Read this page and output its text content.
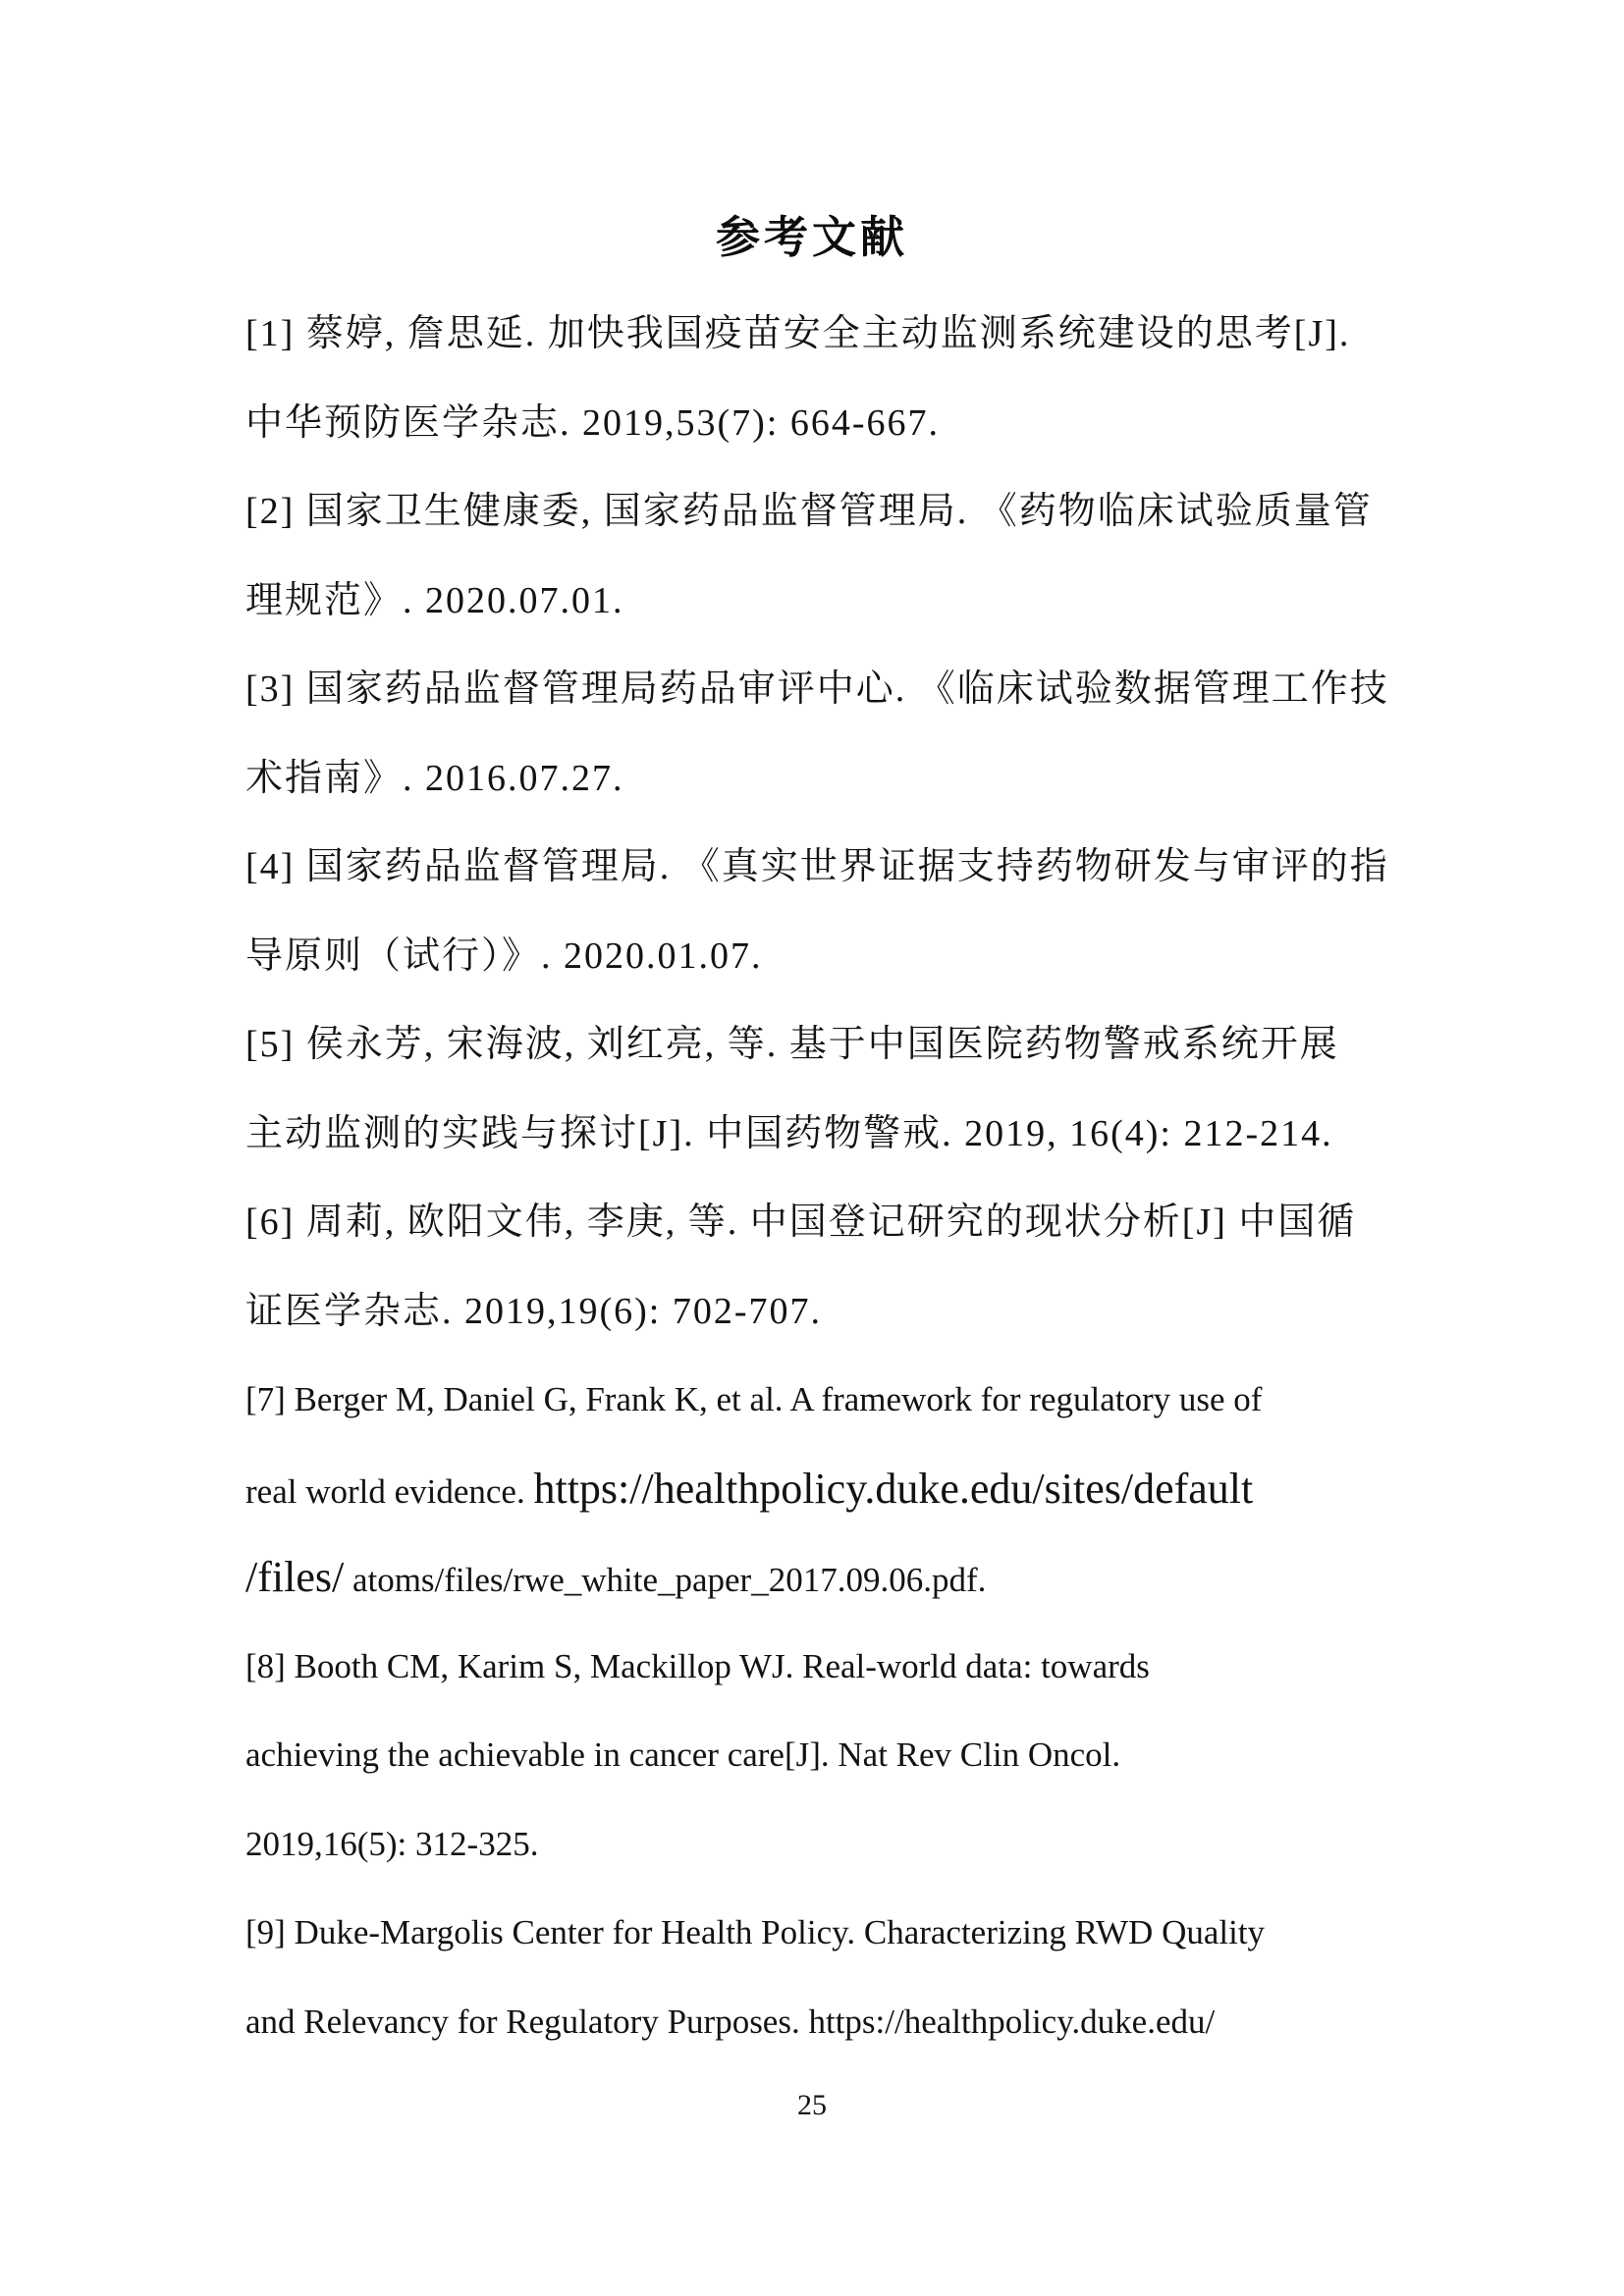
参考文献
[1] 蔡婷, 詹思延. 加快我国疫苗安全主动监测系统建设的思考[J].
中华预防医学杂志. 2019,53(7): 664-667.
[2] 国家卫生健康委, 国家药品监督管理局. 《药物临床试验质量管
理规范》. 2020.07.01.
[3] 国家药品监督管理局药品审评中心. 《临床试验数据管理工作技
术指南》. 2016.07.27.
[4] 国家药品监督管理局. 《真实世界证据支持药物研发与审评的指
导原则（试行）》. 2020.01.07.
[5] 侯永芳, 宋海波, 刘红亮, 等. 基于中国医院药物警戒系统开展
主动监测的实践与探讨[J]. 中国药物警戒. 2019, 16(4): 212-214.
[6] 周莉, 欧阳文伟, 李庚, 等. 中国登记研究的现状分析[J] 中国循
证医学杂志. 2019,19(6): 702-707.
[7] Berger M, Daniel G, Frank K, et al. A framework for regulatory use of
real world evidence. https://healthpolicy.duke.edu/sites/default
/files/ atoms/files/rwe_white_paper_2017.09.06.pdf.
[8] Booth CM, Karim S, Mackillop WJ. Real-world data: towards
achieving the achievable in cancer care[J]. Nat Rev Clin Oncol.
2019,16(5): 312-325.
[9] Duke-Margolis Center for Health Policy. Characterizing RWD Quality
and Relevancy for Regulatory Purposes. https://healthpolicy.duke.edu/
25
